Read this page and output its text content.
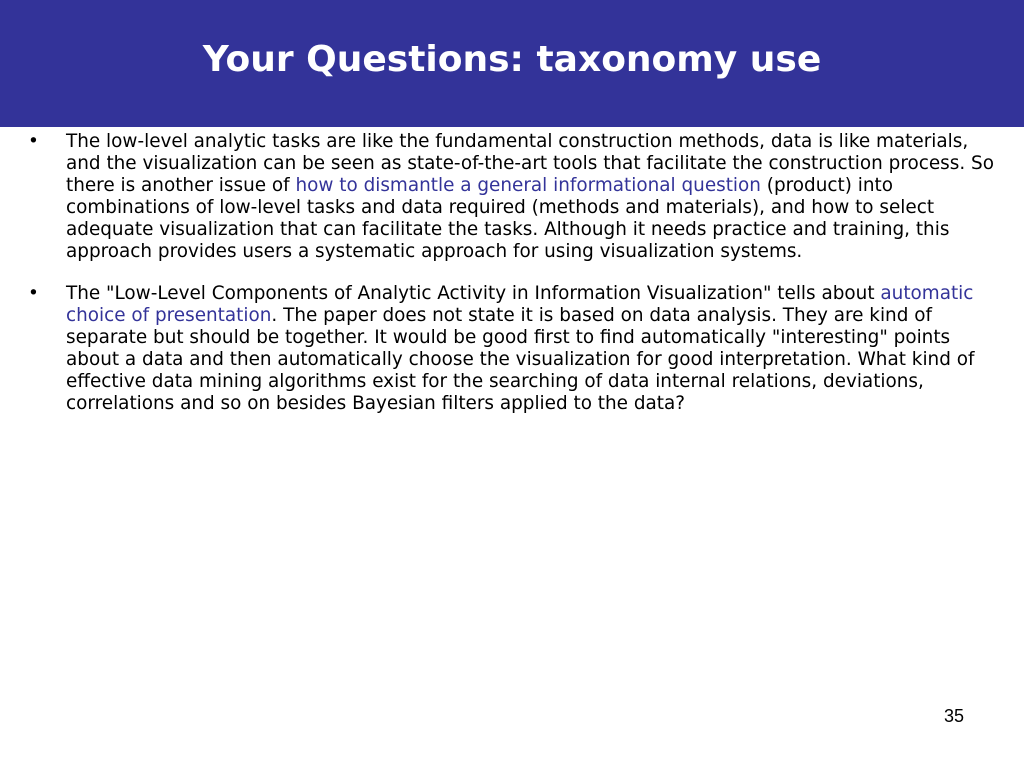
Your Questions: taxonomy use
•	The low-level analytic tasks are like the fundamental construction methods, data is like materials, and the visualization can be seen as state-of-the-art tools that facilitate the construction process. So there is another issue of how to dismantle a general informational question (product) into combinations of low-level tasks and data required (methods and materials), and how to select adequate visualization that can facilitate the tasks. Although it needs practice and training, this approach provides users a systematic approach for using visualization systems.
•	The "Low-Level Components of Analytic Activity in Information Visualization" tells about automatic choice of presentation. The paper does not state it is based on data analysis. They are kind of separate but should be together. It would be good first to find automatically "interesting" points about a data and then automatically choose the visualization for good interpretation. What kind of effective data mining algorithms exist for the searching of data internal relations, deviations, correlations and so on besides Bayesian filters applied to the data?
35
